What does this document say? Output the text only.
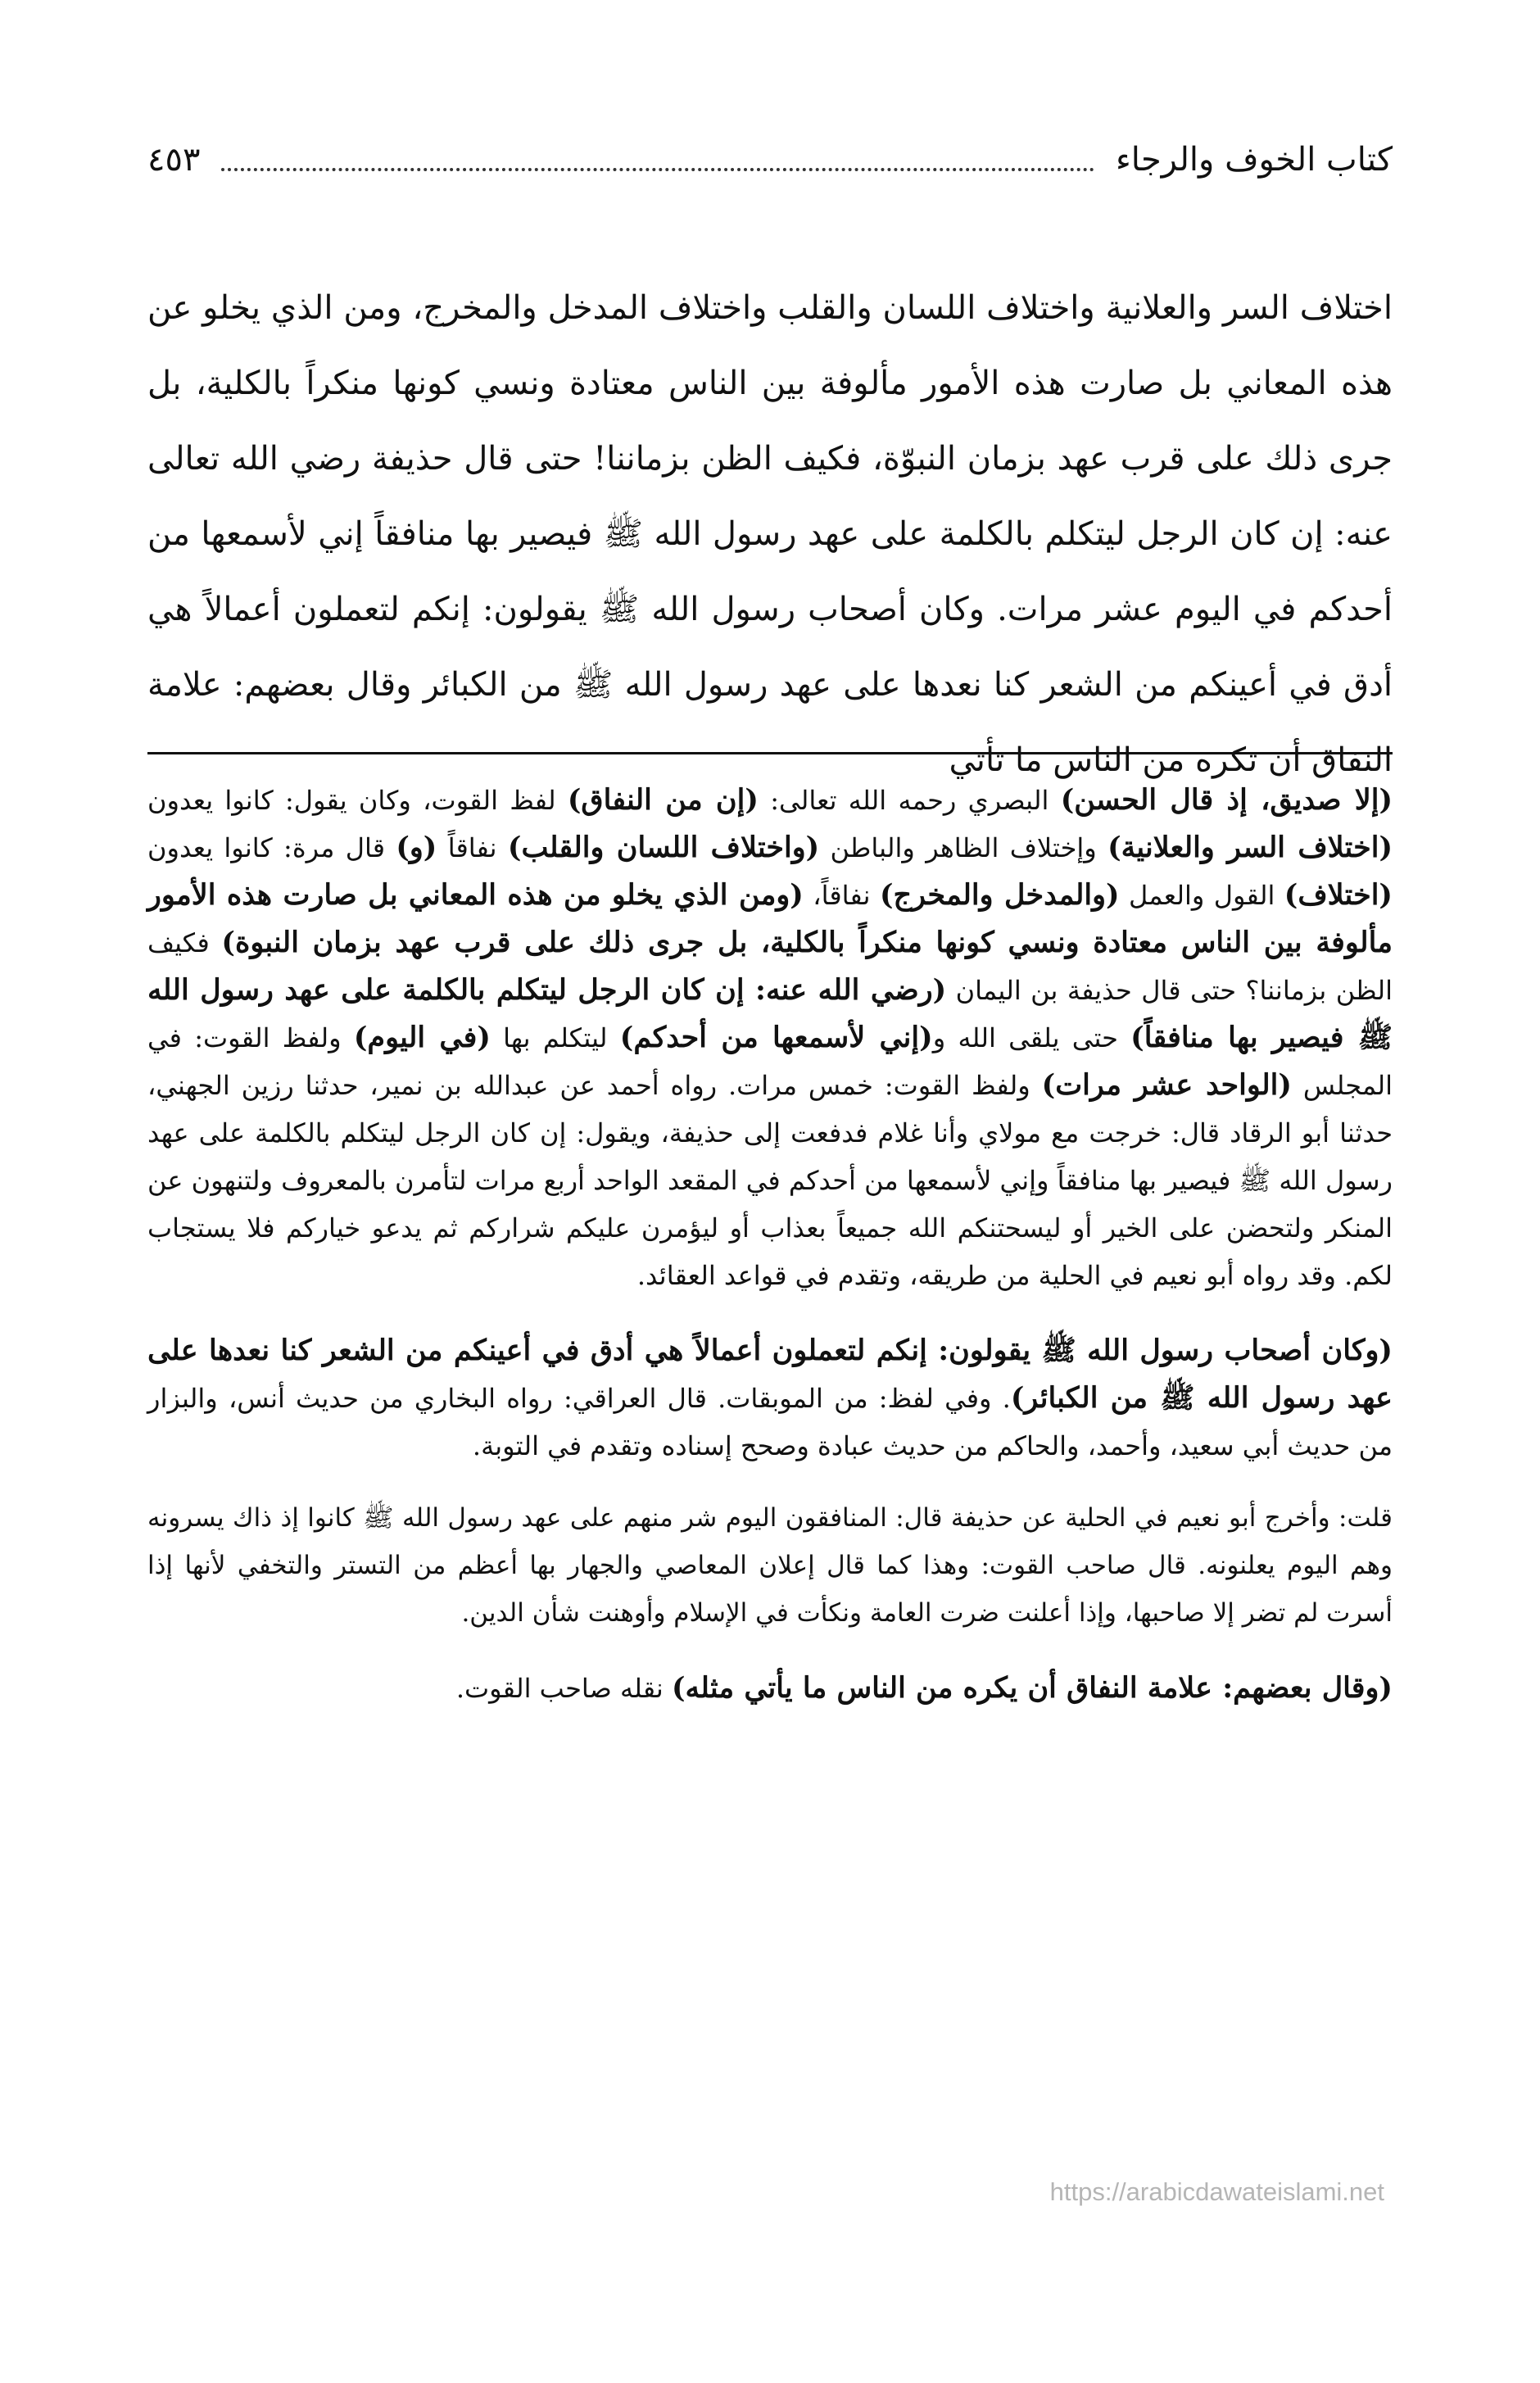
كتاب الخوف والرجاء
٤٥٣

اختلاف السر والعلانية واختلاف اللسان والقلب واختلاف المدخل والمخرج، ومن الذي يخلو عن هذه المعاني بل صارت هذه الأمور مألوفة بين الناس معتادة ونسي كونها منكراً بالكلية، بل جرى ذلك على قرب عهد بزمان النبوّة، فكيف الظن بزماننا! حتى قال حذيفة رضي الله تعالى عنه: إن كان الرجل ليتكلم بالكلمة على عهد رسول الله ﷺ فيصير بها منافقاً إني لأسمعها من أحدكم في اليوم عشر مرات. وكان أصحاب رسول الله ﷺ يقولون: إنكم لتعملون أعمالاً هي أدق في أعينكم من الشعر كنا نعدها على عهد رسول الله ﷺ من الكبائر وقال بعضهم: علامة النفاق أن تكره من الناس ما تأتي

(إلا صديق، إذ قال الحسن) البصري رحمه الله تعالى: (إن من النفاق) لفظ القوت، وكان يقول: كانوا يعدون (اختلاف السر والعلانية) وإختلاف الظاهر والباطن (واختلاف اللسان والقلب) نفاقاً (و) قال مرة: كانوا يعدون (اختلاف) القول والعمل (والمدخل والمخرج) نفاقاً، (ومن الذي يخلو من هذه المعاني بل صارت هذه الأمور مألوفة بين الناس معتادة ونسي كونها منكراً بالكلية، بل جرى ذلك على قرب عهد بزمان النبوة) فكيف الظن بزماننا؟ حتى قال حذيفة بن اليمان (رضي الله عنه: إن كان الرجل ليتكلم بالكلمة على عهد رسول الله ﷺ فيصير بها منافقاً) حتى يلقى الله و(إني لأسمعها من أحدكم) ليتكلم بها (في اليوم) ولفظ القوت: في المجلس (الواحد عشر مرات) ولفظ القوت: خمس مرات. رواه أحمد عن عبدالله بن نمير، حدثنا رزين الجهني، حدثنا أبو الرقاد قال: خرجت مع مولاي وأنا غلام فدفعت إلى حذيفة، ويقول: إن كان الرجل ليتكلم بالكلمة على عهد رسول الله ﷺ فيصير بها منافقاً وإني لأسمعها من أحدكم في المقعد الواحد أربع مرات لتأمرن بالمعروف ولتنهون عن المنكر ولتحضن على الخير أو ليسحتنكم الله جميعاً بعذاب أو ليؤمرن عليكم شراركم ثم يدعو خياركم فلا يستجاب لكم. وقد رواه أبو نعيم في الحلية من طريقه، وتقدم في قواعد العقائد.

(وكان أصحاب رسول الله ﷺ يقولون: إنكم لتعملون أعمالاً هي أدق في أعينكم من الشعر كنا نعدها على عهد رسول الله ﷺ من الكبائر). وفي لفظ: من الموبقات. قال العراقي: رواه البخاري من حديث أنس، والبزار من حديث أبي سعيد، وأحمد، والحاكم من حديث عبادة وصحح إسناده وتقدم في التوبة.

قلت: وأخرج أبو نعيم في الحلية عن حذيفة قال: المنافقون اليوم شر منهم على عهد رسول الله ﷺ كانوا إذ ذاك يسرونه وهم اليوم يعلنونه. قال صاحب القوت: وهذا كما قال إعلان المعاصي والجهار بها أعظم من التستر والتخفي لأنها إذا أسرت لم تضر إلا صاحبها، وإذا أعلنت ضرت العامة ونكأت في الإسلام وأوهنت شأن الدين.

(وقال بعضهم: علامة النفاق أن يكره من الناس ما يأتي مثله) نقله صاحب القوت.

https://arabicdawateislami.net
